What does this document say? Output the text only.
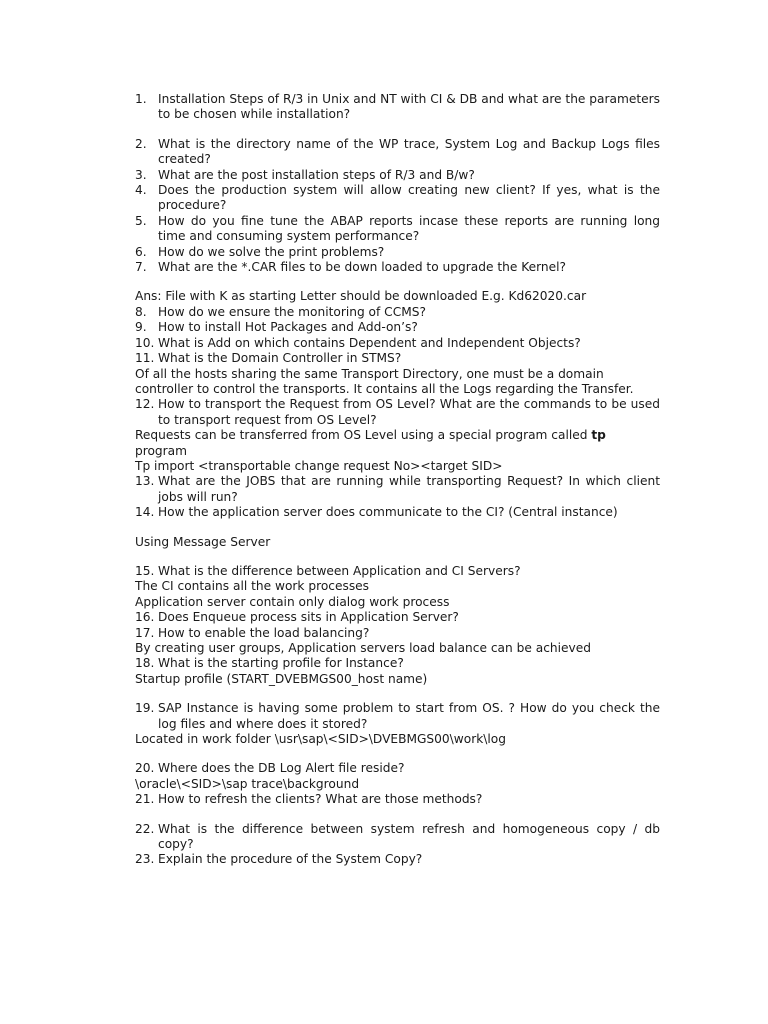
1. Installation Steps of R/3 in Unix and NT with CI & DB and what are the parameters to be chosen while installation?
2. What is the directory name of the WP trace, System Log and Backup Logs files created?
3. What are the post installation steps of R/3 and B/w?
4. Does the production system will allow creating new client? If yes, what is the procedure?
5. How do you fine tune the ABAP reports incase these reports are running long time and consuming system performance?
6. How do we solve the print problems?
7. What are the *.CAR files to be down loaded to upgrade the Kernel?
Ans: File with K as starting Letter should be downloaded E.g. Kd62020.car
8. How do we ensure the monitoring of CCMS?
9. How to install Hot Packages and Add-on’s?
10. What is Add on which contains Dependent and Independent Objects?
11. What is the Domain Controller in STMS?
Of all the hosts sharing the same Transport Directory, one must be a domain controller to control the transports. It contains all the Logs regarding the Transfer.
12. How to transport the Request from OS Level? What are the commands to be used to transport request from OS Level?
Requests can be transferred from OS Level using a special program called tp program
Tp import <transportable change request No><target SID>
13. What are the JOBS that are running while transporting Request? In which client jobs will run?
14. How the application server does communicate to the CI? (Central instance)
Using Message Server
15. What is the difference between Application and CI Servers?
The CI contains all the work processes
Application server contain only dialog work process
16. Does Enqueue process sits in Application Server?
17. How to enable the load balancing?
By creating user groups, Application servers load balance can be achieved
18. What is the starting profile for Instance?
Startup profile (START_DVEBMGS00_host name)
19. SAP Instance is having some problem to start from OS. ? How do you check the log files and where does it stored?
Located in work folder \usr\sap\<SID>\DVEBMGS00\work\log
20. Where does the DB Log Alert file reside?
\oracle\<SID>\sap trace\background
21. How to refresh the clients? What are those methods?
22. What is the difference between system refresh and homogeneous copy / db copy?
23. Explain the procedure of the System Copy?
